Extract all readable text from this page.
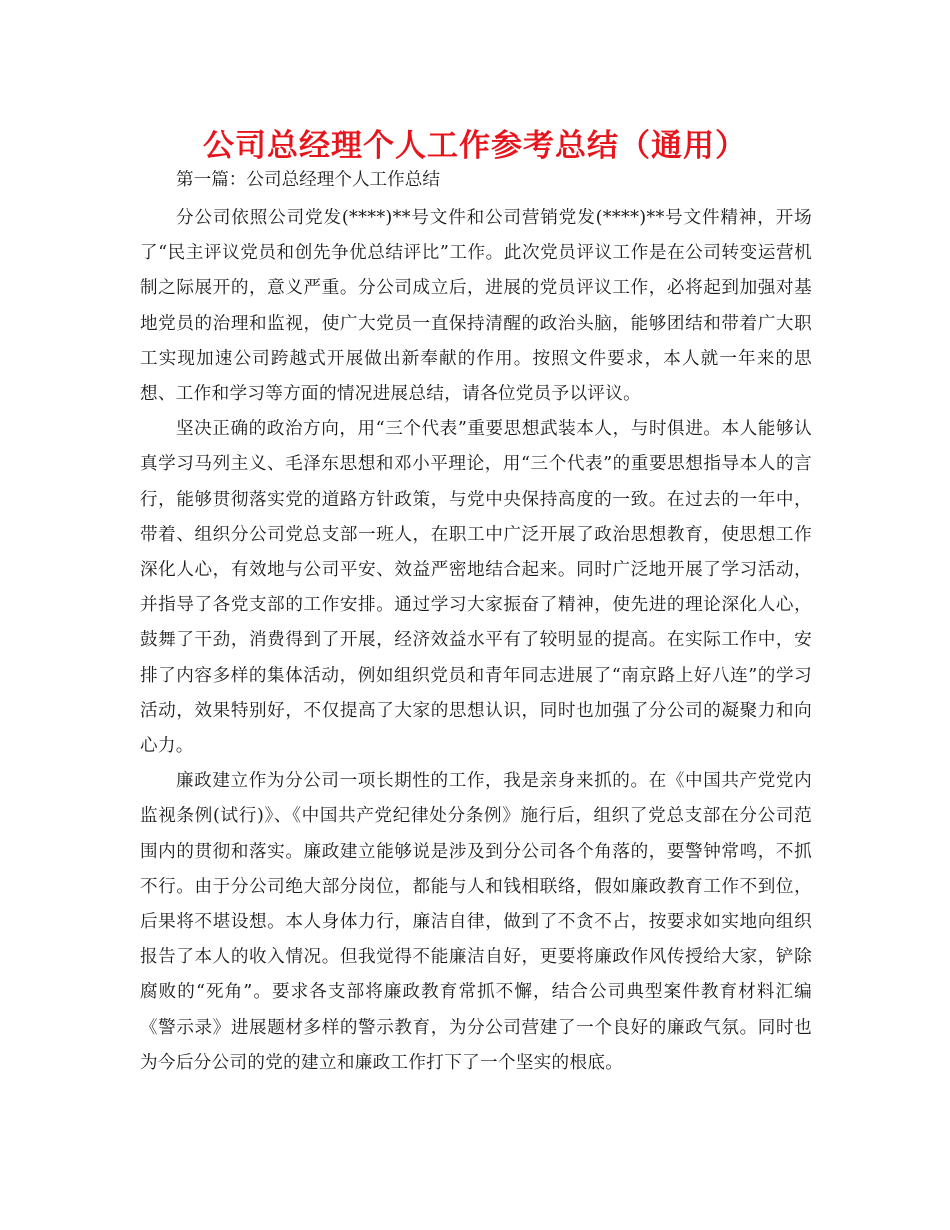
公司总经理个人工作参考总结（通用）

第一篇：公司总经理个人工作总结

分公司依照公司党发(****)**号文件和公司营销党发(****)**号文件精神，开场了“民主评议党员和创先争优总结评比”工作。此次党员评议工作是在公司转变运营机制之际展开的，意义严重。分公司成立后，进展的党员评议工作，必将起到加强对基地党员的治理和监视，使广大党员一直保持清醒的政治头脑，能够团结和带着广大职工实现加速公司跨越式开展做出新奉献的作用。按照文件要求，本人就一年来的思想、工作和学习等方面的情况进展总结，请各位党员予以评议。

坚决正确的政治方向，用“三个代表”重要思想武装本人，与时俱进。本人能够认真学习马列主义、毛泽东思想和邓小平理论，用“三个代表”的重要思想指导本人的言行，能够贯彻落实党的道路方针政策，与党中央保持高度的一致。在过去的一年中，带着、组织分公司党总支部一班人，在职工中广泛开展了政治思想教育，使思想工作深化人心，有效地与公司平安、效益严密地结合起来。同时广泛地开展了学习活动，并指导了各党支部的工作安排。通过学习大家振奋了精神，使先进的理论深化人心，鼓舞了干劲，消费得到了开展，经济效益水平有了较明显的提高。在实际工作中，安排了内容多样的集体活动，例如组织党员和青年同志进展了“南京路上好八连”的学习活动，效果特别好，不仅提高了大家的思想认识，同时也加强了分公司的凝聚力和向心力。

廉政建立作为分公司一项长期性的工作，我是亲身来抓的。在《中国共产党党内监视条例(试行)》、《中国共产党纪律处分条例》施行后，组织了党总支部在分公司范围内的贯彻和落实。廉政建立能够说是涉及到分公司各个角落的，要警钟常鸣，不抓不行。由于分公司绝大部分岗位，都能与人和钱相联络，假如廉政教育工作不到位，后果将不堪设想。本人身体力行，廉洁自律，做到了不贪不占，按要求如实地向组织报告了本人的收入情况。但我觉得不能廉洁自好，更要将廉政作风传授给大家，铲除腐败的“死角”。要求各支部将廉政教育常抓不懈，结合公司典型案件教育材料汇编《警示录》进展题材多样的警示教育，为分公司营建了一个良好的廉政气氛。同时也为今后分公司的党的建立和廉政工作打下了一个坚实的根底。
